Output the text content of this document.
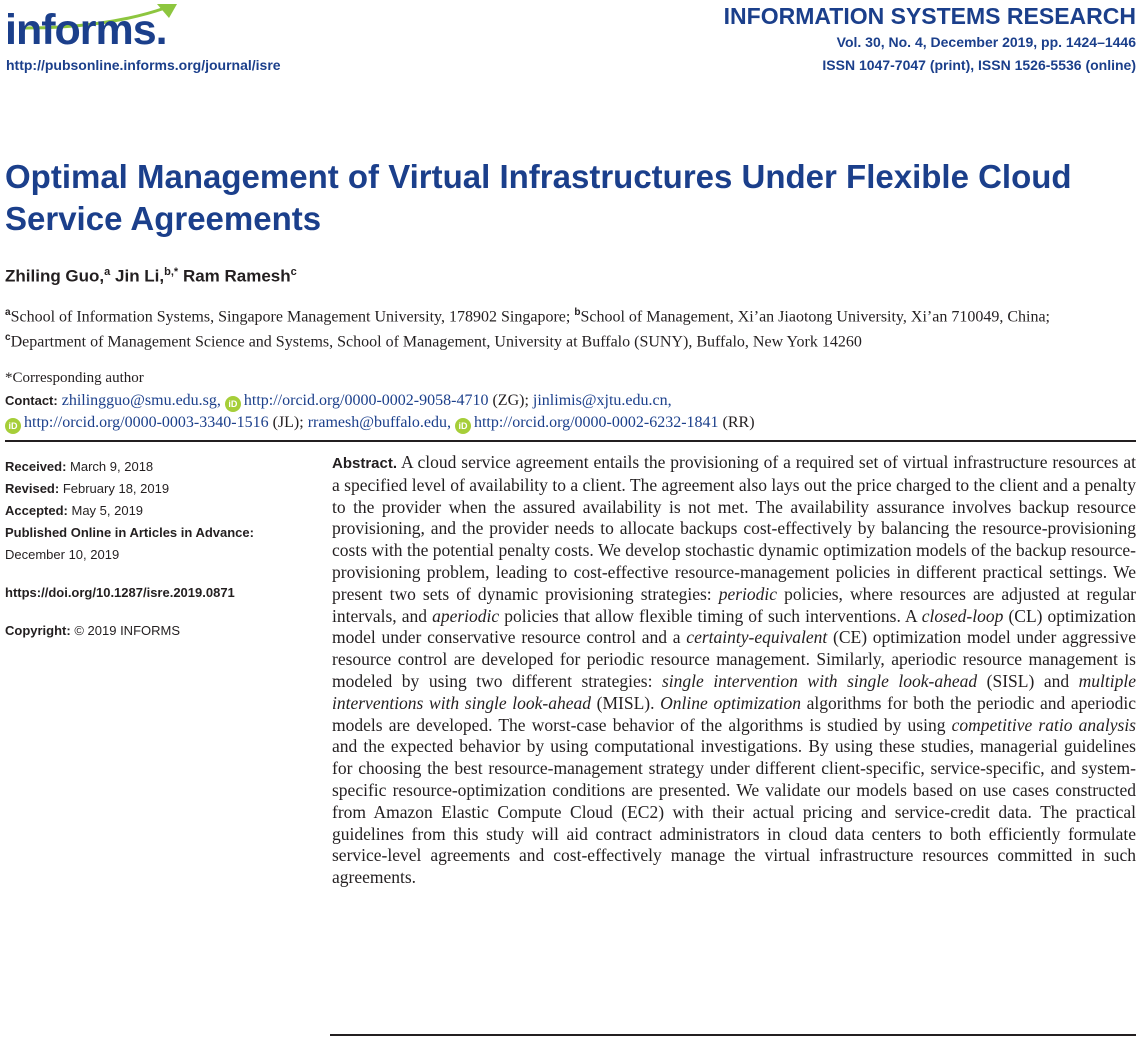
informs.
http://pubsonline.informs.org/journal/isre
INFORMATION SYSTEMS RESEARCH
Vol. 30, No. 4, December 2019, pp. 1424–1446
ISSN 1047-7047 (print), ISSN 1526-5536 (online)
Optimal Management of Virtual Infrastructures Under Flexible Cloud Service Agreements
Zhiling Guo,$^a$ Jin Li,$^{b,*}$ Ram Ramesh$^c$
$^a$School of Information Systems, Singapore Management University, 178902 Singapore; $^b$School of Management, Xi’an Jiaotong University, Xi’an 710049, China; $^c$Department of Management Science and Systems, School of Management, University at Buffalo (SUNY), Buffalo, New York 14260
*Corresponding author
Contact: zhilingguo@smu.edu.sg, iD http://orcid.org/0000-0002-9058-4710 (ZG); jinlimis@xjtu.edu.cn,
iD http://orcid.org/0000-0003-3340-1516 (JL); rramesh@buffalo.edu, iD http://orcid.org/0000-0002-6232-1841 (RR)
Received: March 9, 2018
Revised: February 18, 2019
Accepted: May 5, 2019
Published Online in Articles in Advance:
December 10, 2019
https://doi.org/10.1287/isre.2019.0871
Copyright: © 2019 INFORMS
Abstract. A cloud service agreement entails the provisioning of a required set of virtual infrastructure resources at a specified level of availability to a client. The agreement also lays out the price charged to the client and a penalty to the provider when the assured availability is not met. The availability assurance involves backup resource provisioning, and the provider needs to allocate backups cost-effectively by balancing the resource-provisioning costs with the potential penalty costs. We develop stochastic dynamic optimization models of the backup resource-provisioning problem, leading to cost-effective resource-management policies in different practical settings. We present two sets of dynamic provisioning strategies: periodic policies, where resources are adjusted at regular intervals, and aperiodic policies that allow flexible timing of such interventions. A closed-loop (CL) optimization model under conservative resource control and a certainty-equivalent (CE) optimization model under aggressive resource control are developed for periodic resource management. Similarly, aperiodic resource management is modeled by using two different strategies: single intervention with single look-ahead (SISL) and multiple interventions with single look-ahead (MISL). Online optimization algorithms for both the periodic and aperiodic models are developed. The worst-case behavior of the algorithms is studied by using competitive ratio analysis and the expected behavior by using computational investigations. By using these studies, managerial guidelines for choosing the best resource-management strategy under different client-specific, service-specific, and system-specific resource-optimization conditions are presented. We validate our models based on use cases constructed from Amazon Elastic Compute Cloud (EC2) with their actual pricing and service-credit data. The practical guidelines from this study will aid contract administrators in cloud data centers to both efficiently formulate service-level agreements and cost-effectively manage the virtual infrastructure resources committed in such agreements.
